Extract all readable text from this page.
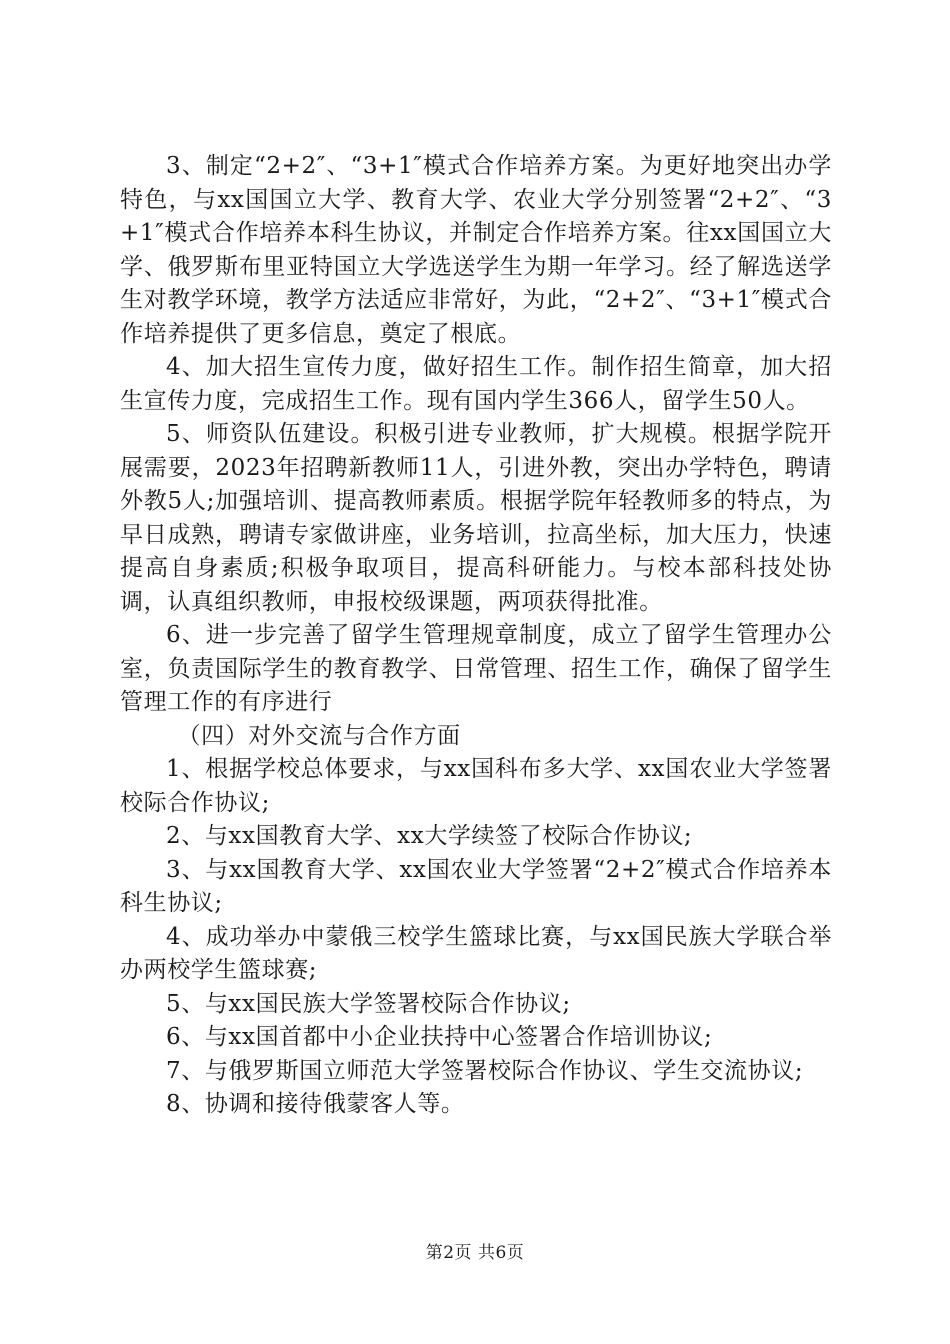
3、制定“2+2″、“3+1″模式合作培养方案。为更好地突出办学特色，与xx国国立大学、教育大学、农业大学分别签署“2+2″、“3+1″模式合作培养本科生协议，并制定合作培养方案。往xx国国立大学、俄罗斯布里亚特国立大学选送学生为期一年学习。经了解选送学生对教学环境，教学方法适应非常好，为此，“2+2″、“3+1″模式合作培养提供了更多信息，奠定了根底。

4、加大招生宣传力度，做好招生工作。制作招生简章，加大招生宣传力度，完成招生工作。现有国内学生366人，留学生50人。

5、师资队伍建设。积极引进专业教师，扩大规模。根据学院开展需要，2023年招聘新教师11人，引进外教，突出办学特色，聘请外教5人;加强培训、提高教师素质。根据学院年轻教师多的特点，为早日成熟，聘请专家做讲座，业务培训，拉高坐标，加大压力，快速提高自身素质;积极争取项目，提高科研能力。与校本部科技处协调，认真组织教师，申报校级课题，两项获得批准。

6、进一步完善了留学生管理规章制度，成立了留学生管理办公室，负责国际学生的教育教学、日常管理、招生工作，确保了留学生管理工作的有序进行

（四）对外交流与合作方面

1、根据学校总体要求，与xx国科布多大学、xx国农业大学签署校际合作协议;

2、与xx国教育大学、xx大学续签了校际合作协议;

3、与xx国教育大学、xx国农业大学签署“2+2″模式合作培养本科生协议;

4、成功举办中蒙俄三校学生篮球比赛，与xx国民族大学联合举办两校学生篮球赛;

5、与xx国民族大学签署校际合作协议;

6、与xx国首都中小企业扶持中心签署合作培训协议;

7、与俄罗斯国立师范大学签署校际合作协议、学生交流协议;

8、协调和接待俄蒙客人等。

第2页 共6页
